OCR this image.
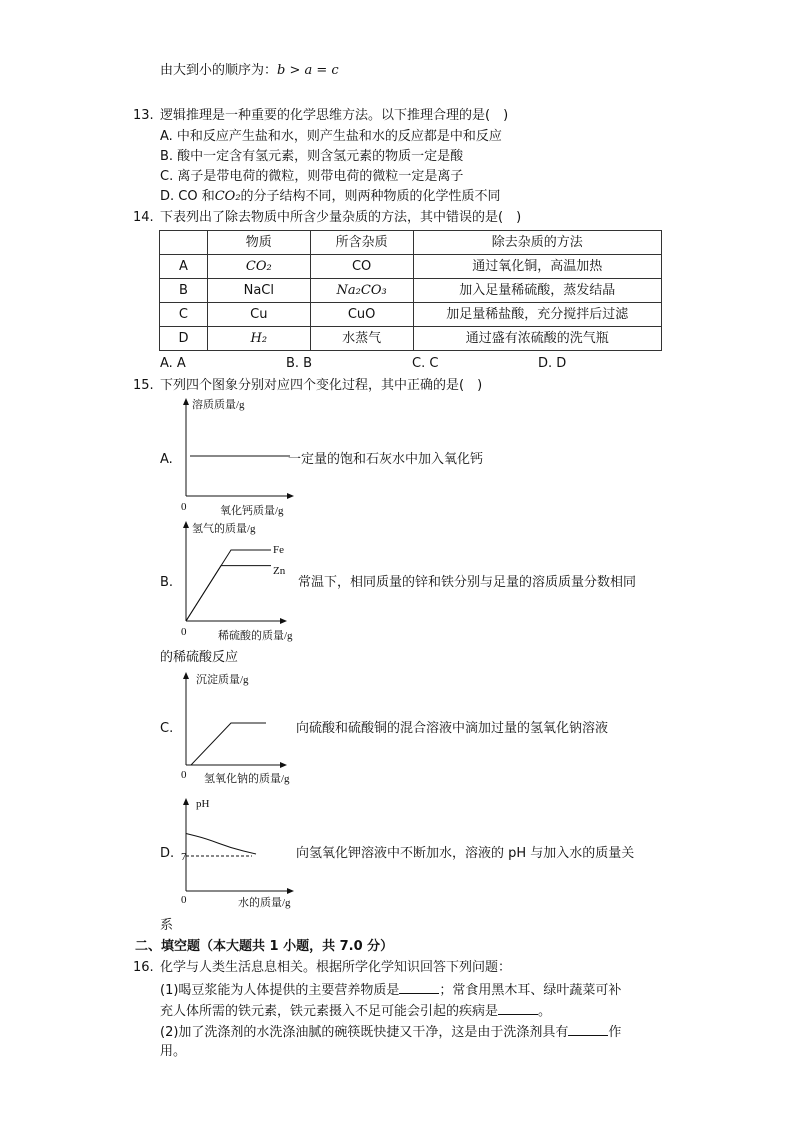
由大到小的顺序为：b > a = c
13. 逻辑推理是一种重要的化学思维方法。以下推理合理的是(　)
A. 中和反应产生盐和水，则产生盐和水的反应都是中和反应
B. 酸中一定含有氢元素，则含氢元素的物质一定是酸
C. 离子是带电荷的微粒，则带电荷的微粒一定是离子
D. CO 和CO₂的分子结构不同，则两种物质的化学性质不同
14. 下表列出了除去物质中所含少量杂质的方法，其中错误的是(　)
	物质	所含杂质	除去杂质的方法
A	CO₂	CO	通过氧化铜，高温加热
B	NaCl	Na₂CO₃	加入足量稀硫酸，蒸发结晶
C	Cu	CuO	加足量稀盐酸，充分搅拌后过滤
D	H₂	水蒸气	通过盛有浓硫酸的洗气瓶
A. A	B. B	C. C	D. D
15. 下列四个图象分别对应四个变化过程，其中正确的是(　)
A.
溶质质量/g
氧化钙质量/g
0
一定量的饱和石灰水中加入氧化钙
B.
氢气的质量/g
稀硫酸的质量/g
0
Fe
Zn
常温下，相同质量的锌和铁分别与足量的溶质质量分数相同
的稀硫酸反应
C.
沉淀质量/g
氢氧化钠的质量/g
0
向硫酸和硫酸铜的混合溶液中滴加过量的氢氧化钠溶液
D.
pH
水的质量/g
0
7	向氢氧化钾溶液中不断加水，溶液的 pH 与加入水的质量关
系
二、填空题（本大题共 1 小题，共 7.0 分）
16. 化学与人类生活息息相关。根据所学化学知识回答下列问题：
(1)喝豆浆能为人体提供的主要营养物质是	；常食用黑木耳、绿叶蔬菜可补
充人体所需的铁元素，铁元素摄入不足可能会引起的疾病是	。
(2)加了洗涤剂的水洗涤油腻的碗筷既快捷又干净，这是由于洗涤剂具有	作
用。
